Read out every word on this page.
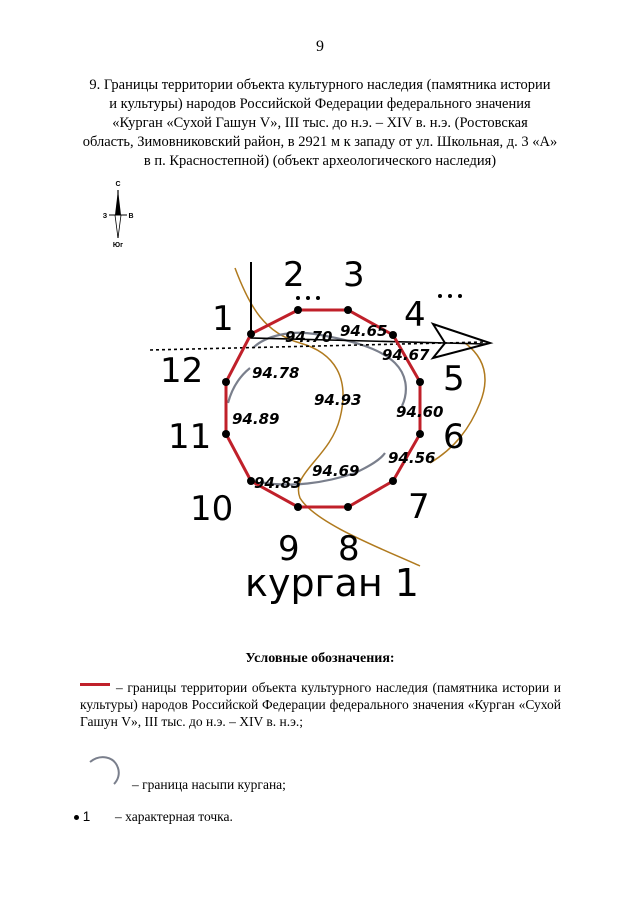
9
9. Границы территории объекта культурного наследия (памятника истории
и культуры) народов Российской Федерации федерального значения
«Курган «Сухой Гашун V», III тыс. до н.э. – XIV в. н.э. (Ростовская
область, Зимовниковский район, в 2921 м к западу от ул. Школьная, д. 3 «А»
в п. Красностепной) (объект археологического наследия)
С
З	В
Юг
1
2 3
4
5
6
7
8
9
10
11
12
94.70 94.65
94.67
94.78
94.93
94.89	94.60
94.56
94.69
94.83
курган 1
Условные обозначения:
– границы территории объекта культурного наследия (памятника истории и культуры) народов Российской Федерации федерального значения «Курган «Сухой Гашун V», III тыс. до н.э. – XIV в. н.э.;
– граница насыпи кургана;
1 – характерная точка.
